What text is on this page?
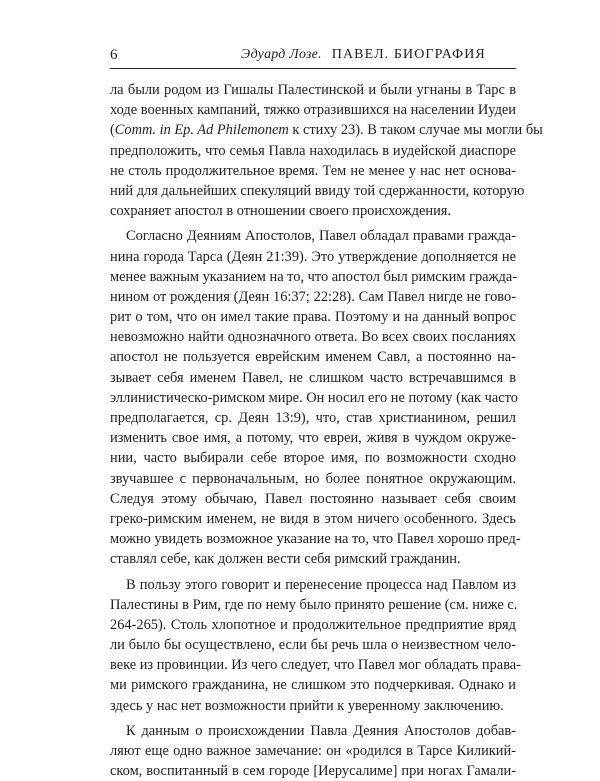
6	Эдуард Лозе. ПАВЕЛ. БИОГРАФИЯ
ла были родом из Гишалы Палестинской и были угнаны в Тарс в
ходе военных кампаний, тяжко отразившихся на населении Иудеи
(Comm. in Ep. Ad Philemonem к стиху 23). В таком случае мы могли бы
предположить, что семья Павла находилась в иудейской диаспоре
не столь продолжительное время. Тем не менее у нас нет основа-
ний для дальнейших спекуляций ввиду той сдержанности, которую
сохраняет апостол в отношении своего происхождения.
Согласно Деяниям Апостолов, Павел обладал правами гражда-
нина города Тарса (Деян 21:39). Это утверждение дополняется не
менее важным указанием на то, что апостол был римским гражда-
нином от рождения (Деян 16:37; 22:28). Сам Павел нигде не гово-
рит о том, что он имел такие права. Поэтому и на данный вопрос
невозможно найти однозначного ответа. Во всех своих посланиях
апостол не пользуется еврейским именем Савл, а постоянно на-
зывает себя именем Павел, не слишком часто встречавшимся в
эллинистическо-римском мире. Он носил его не потому (как часто
предполагается, ср. Деян 13:9), что, став христианином, решил
изменить свое имя, а потому, что евреи, живя в чуждом окруже-
нии, часто выбирали себе второе имя, по возможности сходно
звучавшее с первоначальным, но более понятное окружающим.
Следуя этому обычаю, Павел постоянно называет себя своим
греко-римским именем, не видя в этом ничего особенного. Здесь
можно увидеть возможное указание на то, что Павел хорошо пред-
ставлял себе, как должен вести себя римский гражданин.
В пользу этого говорит и перенесение процесса над Павлом из
Палестины в Рим, где по нему было принято решение (см. ниже с.
264-265). Столь хлопотное и продолжительное предприятие вряд
ли было бы осуществлено, если бы речь шла о неизвестном чело-
веке из провинции. Из чего следует, что Павел мог обладать права-
ми римского гражданина, не слишком это подчеркивая. Однако и
здесь у нас нет возможности прийти к уверенному заключению.
К данным о происхождении Павла Деяния Апостолов добав-
ляют еще одно важное замечание: он «родился в Тарсе Киликий-
ском, воспитанный в сем городе [Иерусалиме] при ногах Гамали-
